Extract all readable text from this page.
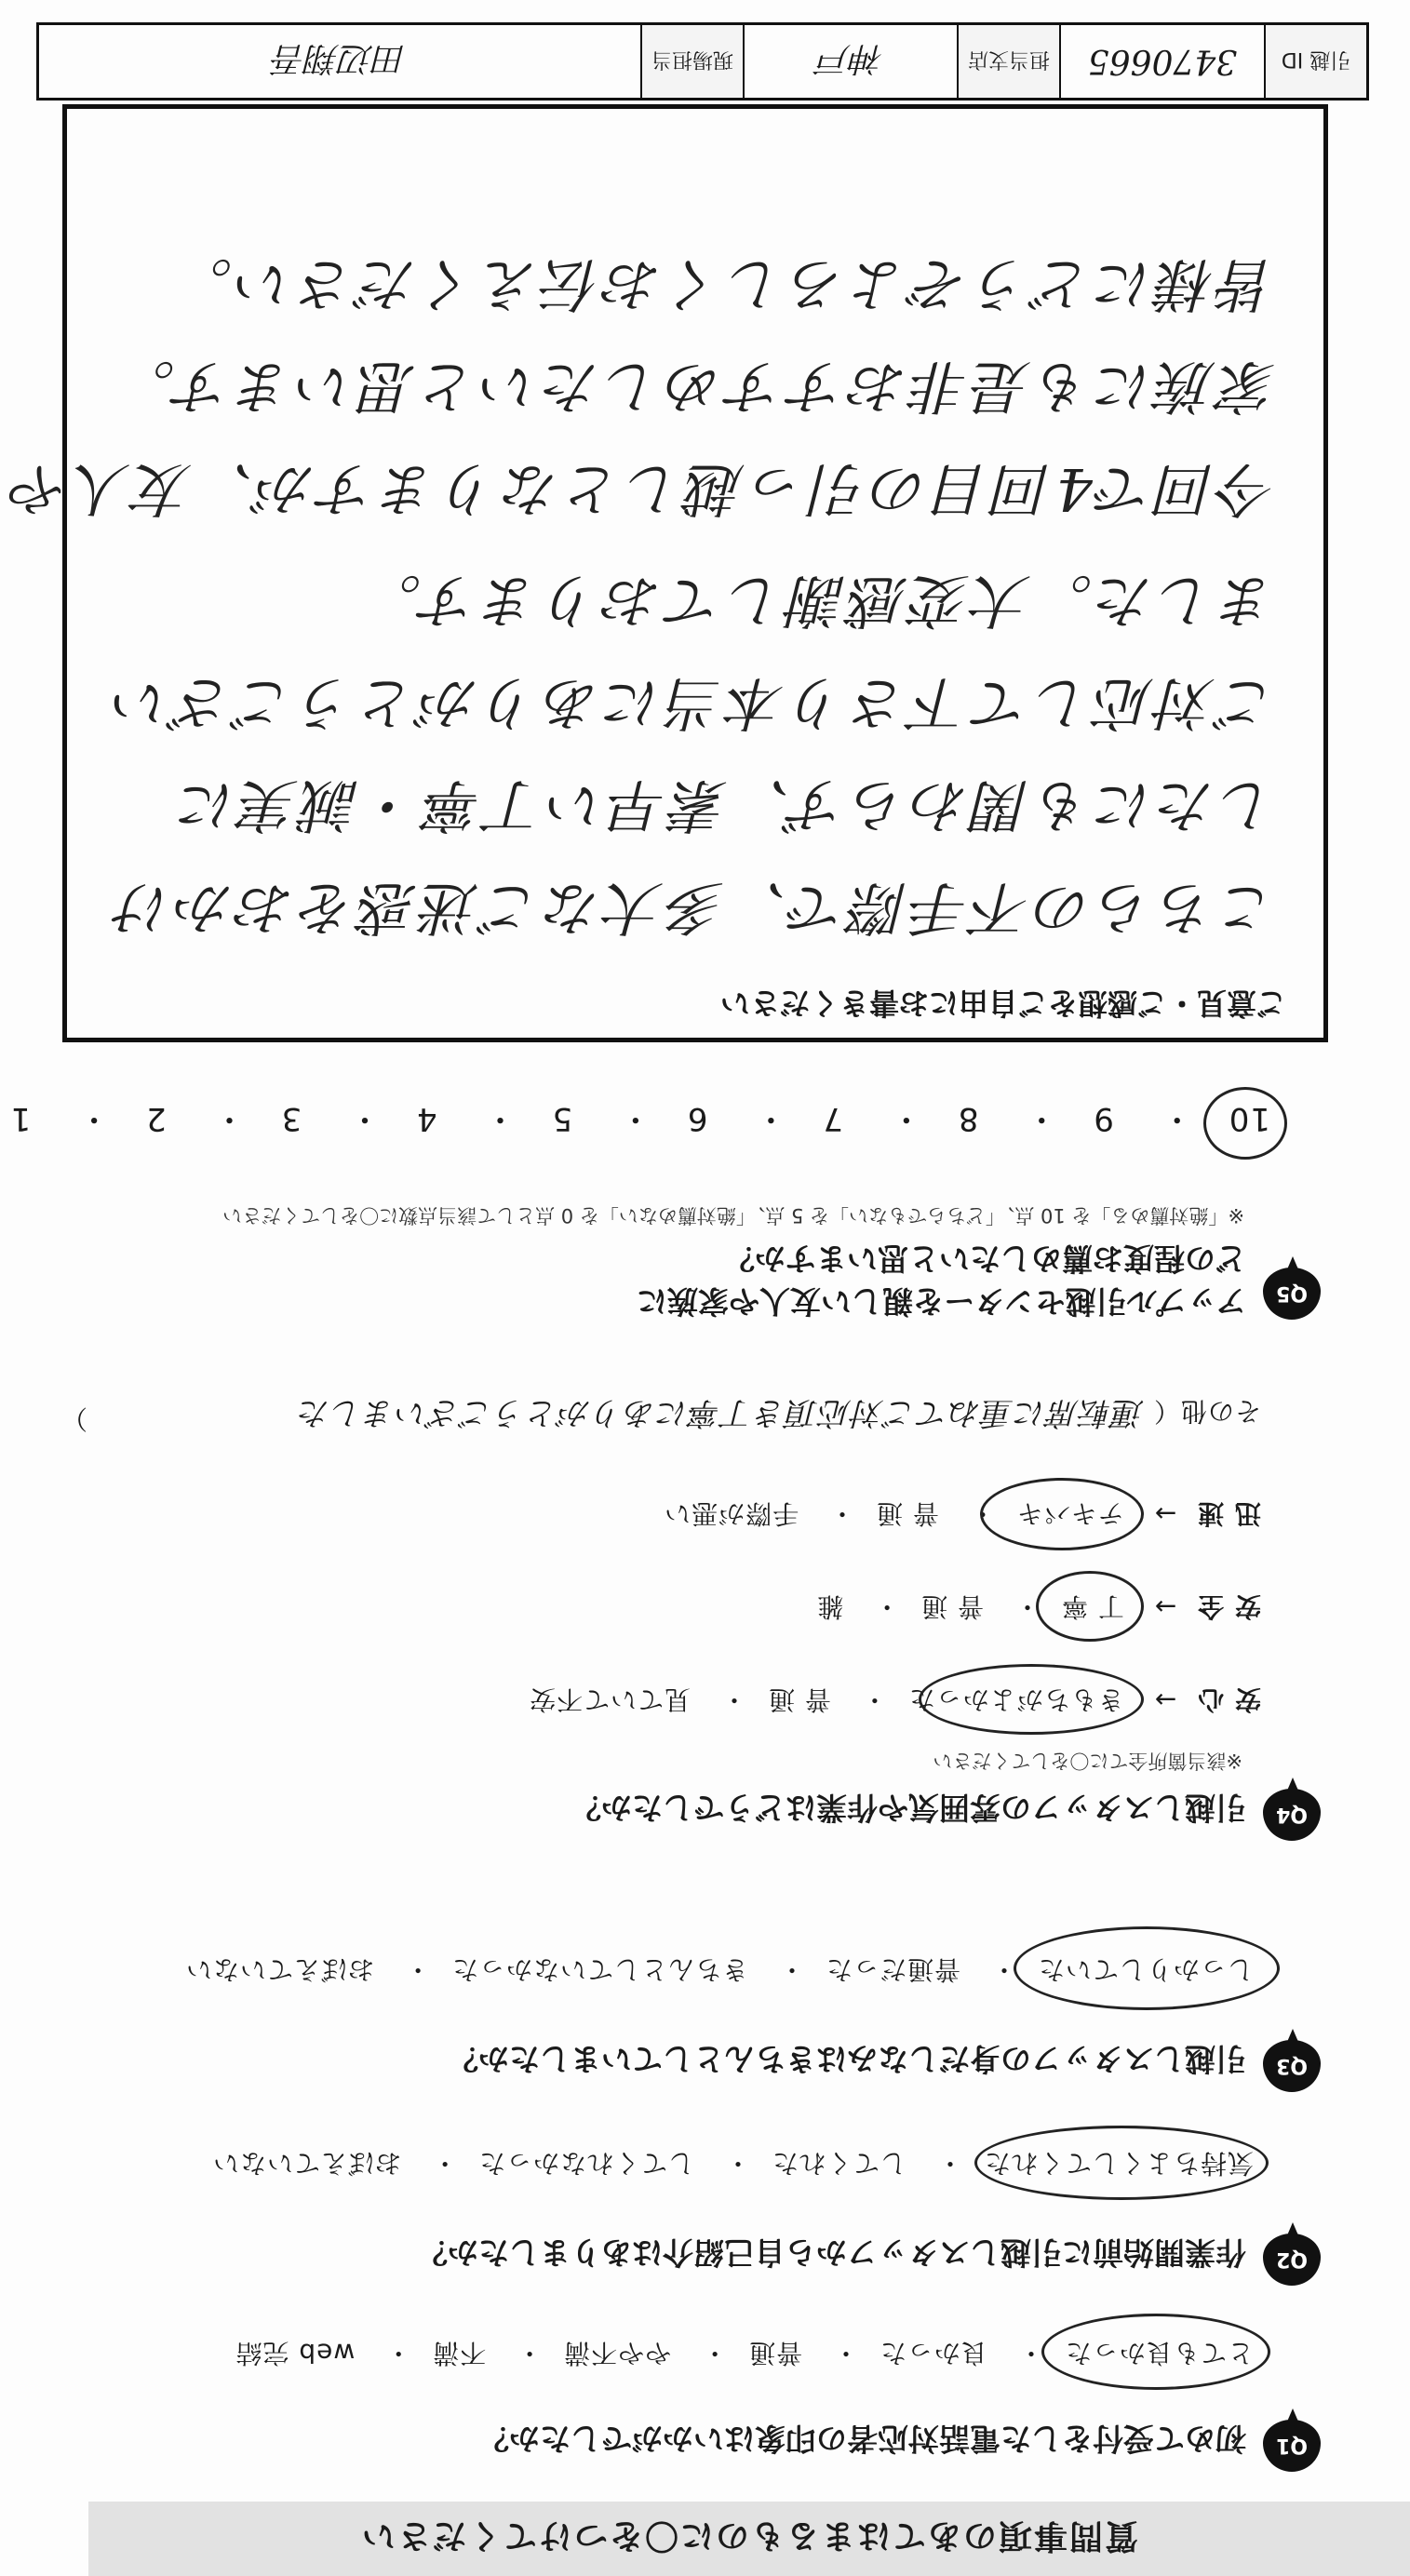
質問事項のあてはまるものに〇をつけてください
Q1
初めて受付をした電話対応者の印象はいかがでしたか？
とても良かった・ 良かった・ 普通・ やや不満・ 不満・ web 完結
Q2
作業開始前に引越しスタッフから自己紹介はありましたか？
気持ちよくしてくれた・ してくれた・ してくれなかった・ おぼえていない
Q3
引越しスタッフの身だしなみはきちんとしていましたか？
しっかりしていた・ 普通だった・ きちんとしていなかった・ おぼえていない
Q4
引越しスタッフの雰囲気や作業はどうでしたか？
※該当箇所全てに〇をしてください
安 心→ きもちがよかった・ 普 通・ 見ていて不安
安 全→ 丁 寧・ 普 通・ 雑
迅 速→ テキパキ・ 普 通・ 手際が悪い
その他（ 運転席に重ねてご対応頂き丁寧にありがとうございました
）
Q5
アップル引越センターを親しい友人や家族に
どの程度お薦めしたいと思いますか？
※「絶対薦める」を 10 点、「どちらでもない」を 5 点、「絶対薦めない」を 0 点として該当点数に〇をしてください
10・ 9・ 8・ 7・ 6・ 5・ 4・ 3・ 2・ 1
ご意見・ご感想をご自由にお書きください
こちらの不手際で、多大なご迷惑をおかけ
したにも関わらず、素早い丁寧・誠実に
ご対応して下さり本当にありがとうござい
ました。大変感謝しております。
今回で4回目の引っ越しとなりますが、友人や
家族にも是非おすすめしたいと思います。
皆様にどうぞよろしくお伝えください。
引越 ID
3470665
担当支店
神戸
現場担当
田辺翔吾
